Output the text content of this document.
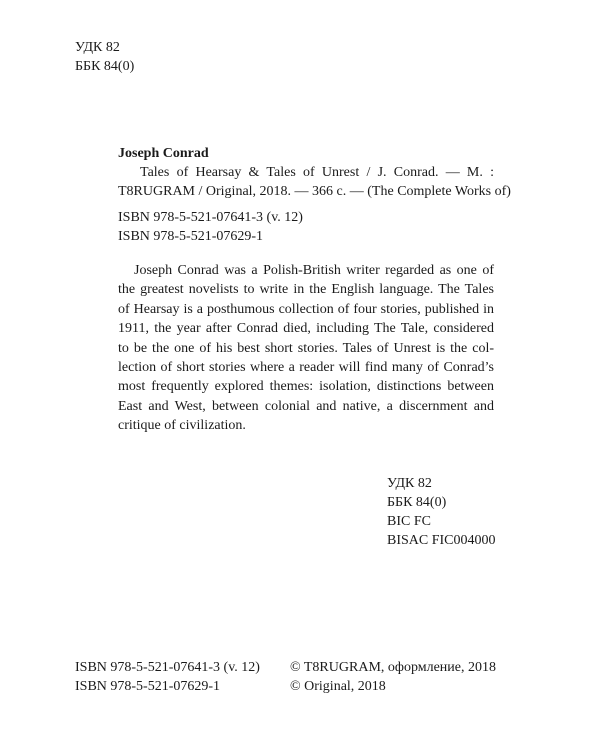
УДК 82
ББК 84(0)
Joseph Conrad
Tales of Hearsay & Tales of Unrest / J. Conrad. — M. :
T8RUGRAM / Original, 2018. — 366 c. — (The Complete Works of)
ISBN 978-5-521-07641-3 (v. 12)
ISBN 978-5-521-07629-1
Joseph Conrad was a Polish-British writer regarded as one of
the greatest novelists to write in the English language. The Tales
of Hearsay is a posthumous collection of four stories, published in
1911, the year after Conrad died, including The Tale, considered
to be the one of his best short stories. Tales of Unrest is the col-
lection of short stories where a reader will find many of Conrad’s
most frequently explored themes: isolation, distinctions between
East and West, between colonial and native, a discernment and
critique of civilization.
УДК 82
ББК 84(0)
BIC FC
BISAC FIC004000
ISBN 978-5-521-07641-3 (v. 12)
ISBN 978-5-521-07629-1
© T8RUGRAM, оформление, 2018
© Original, 2018
